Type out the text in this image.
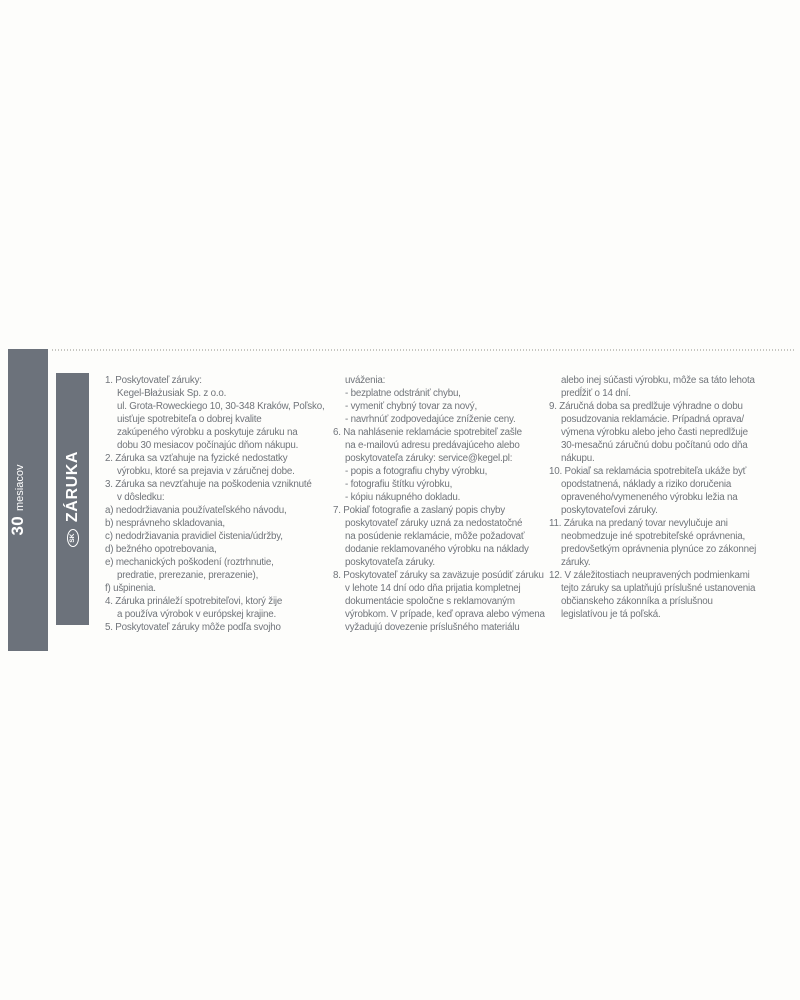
30
mesiacov
SK
ZÁRUKA
1. Poskytovateľ záruky:
Kegel-Błażusiak Sp. z o.o.
ul. Grota-Roweckiego 10, 30-348 Kraków, Poľsko,
uisťuje spotrebiteľa o dobrej kvalite
zakúpeného výrobku a poskytuje záruku na
dobu 30 mesiacov počínajúc dňom nákupu.
2. Záruka sa vzťahuje na fyzické nedostatky
výrobku, ktoré sa prejavia v záručnej dobe.
3. Záruka sa nevzťahuje na poškodenia vzniknuté
v dôsledku:
a) nedodržiavania používateľského návodu,
b) nesprávneho skladovania,
c) nedodržiavania pravidiel čistenia/údržby,
d) bežného opotrebovania,
e) mechanických poškodení (roztrhnutie,
predratie, prerezanie, prerazenie),
f) ušpinenia.
4. Záruka prináleží spotrebiteľovi, ktorý žije
a používa výrobok v európskej krajine.
5. Poskytovateľ záruky môže podľa svojho
uváženia:
- bezplatne odstrániť chybu,
- vymeniť chybný tovar za nový,
- navrhnúť zodpovedajúce zníženie ceny.
6. Na nahlásenie reklamácie spotrebiteľ zašle
na e-mailovú adresu predávajúceho alebo
poskytovateľa záruky: service@kegel.pl:
- popis a fotografiu chyby výrobku,
- fotografiu štítku výrobku,
- kópiu nákupného dokladu.
7. Pokiaľ fotografie a zaslaný popis chyby
poskytovateľ záruky uzná za nedostatočné
na posúdenie reklamácie, môže požadovať
dodanie reklamovaného výrobku na náklady
poskytovateľa záruky.
8. Poskytovateľ záruky sa zaväzuje posúdiť záruku
v lehote 14 dní odo dňa prijatia kompletnej
dokumentácie spoločne s reklamovaným
výrobkom. V prípade, keď oprava alebo výmena
vyžadujú dovezenie príslušného materiálu
alebo inej súčasti výrobku, môže sa táto lehota
predĺžiť o 14 dní.
9. Záručná doba sa predlžuje výhradne o dobu
posudzovania reklamácie. Prípadná oprava/
výmena výrobku alebo jeho časti nepredlžuje
30-mesačnú záručnú dobu počítanú odo dňa
nákupu.
10. Pokiaľ sa reklamácia spotrebiteľa ukáže byť
opodstatnená, náklady a riziko doručenia
opraveného/vymeneného výrobku ležia na
poskytovateľovi záruky.
11. Záruka na predaný tovar nevylučuje ani
neobmedzuje iné spotrebiteľské oprávnenia,
predovšetkým oprávnenia plynúce zo zákonnej
záruky.
12. V záležitostiach neupravených podmienkami
tejto záruky sa uplatňujú príslušné ustanovenia
občianskeho zákonníka a príslušnou
legislatívou je tá poľská.
